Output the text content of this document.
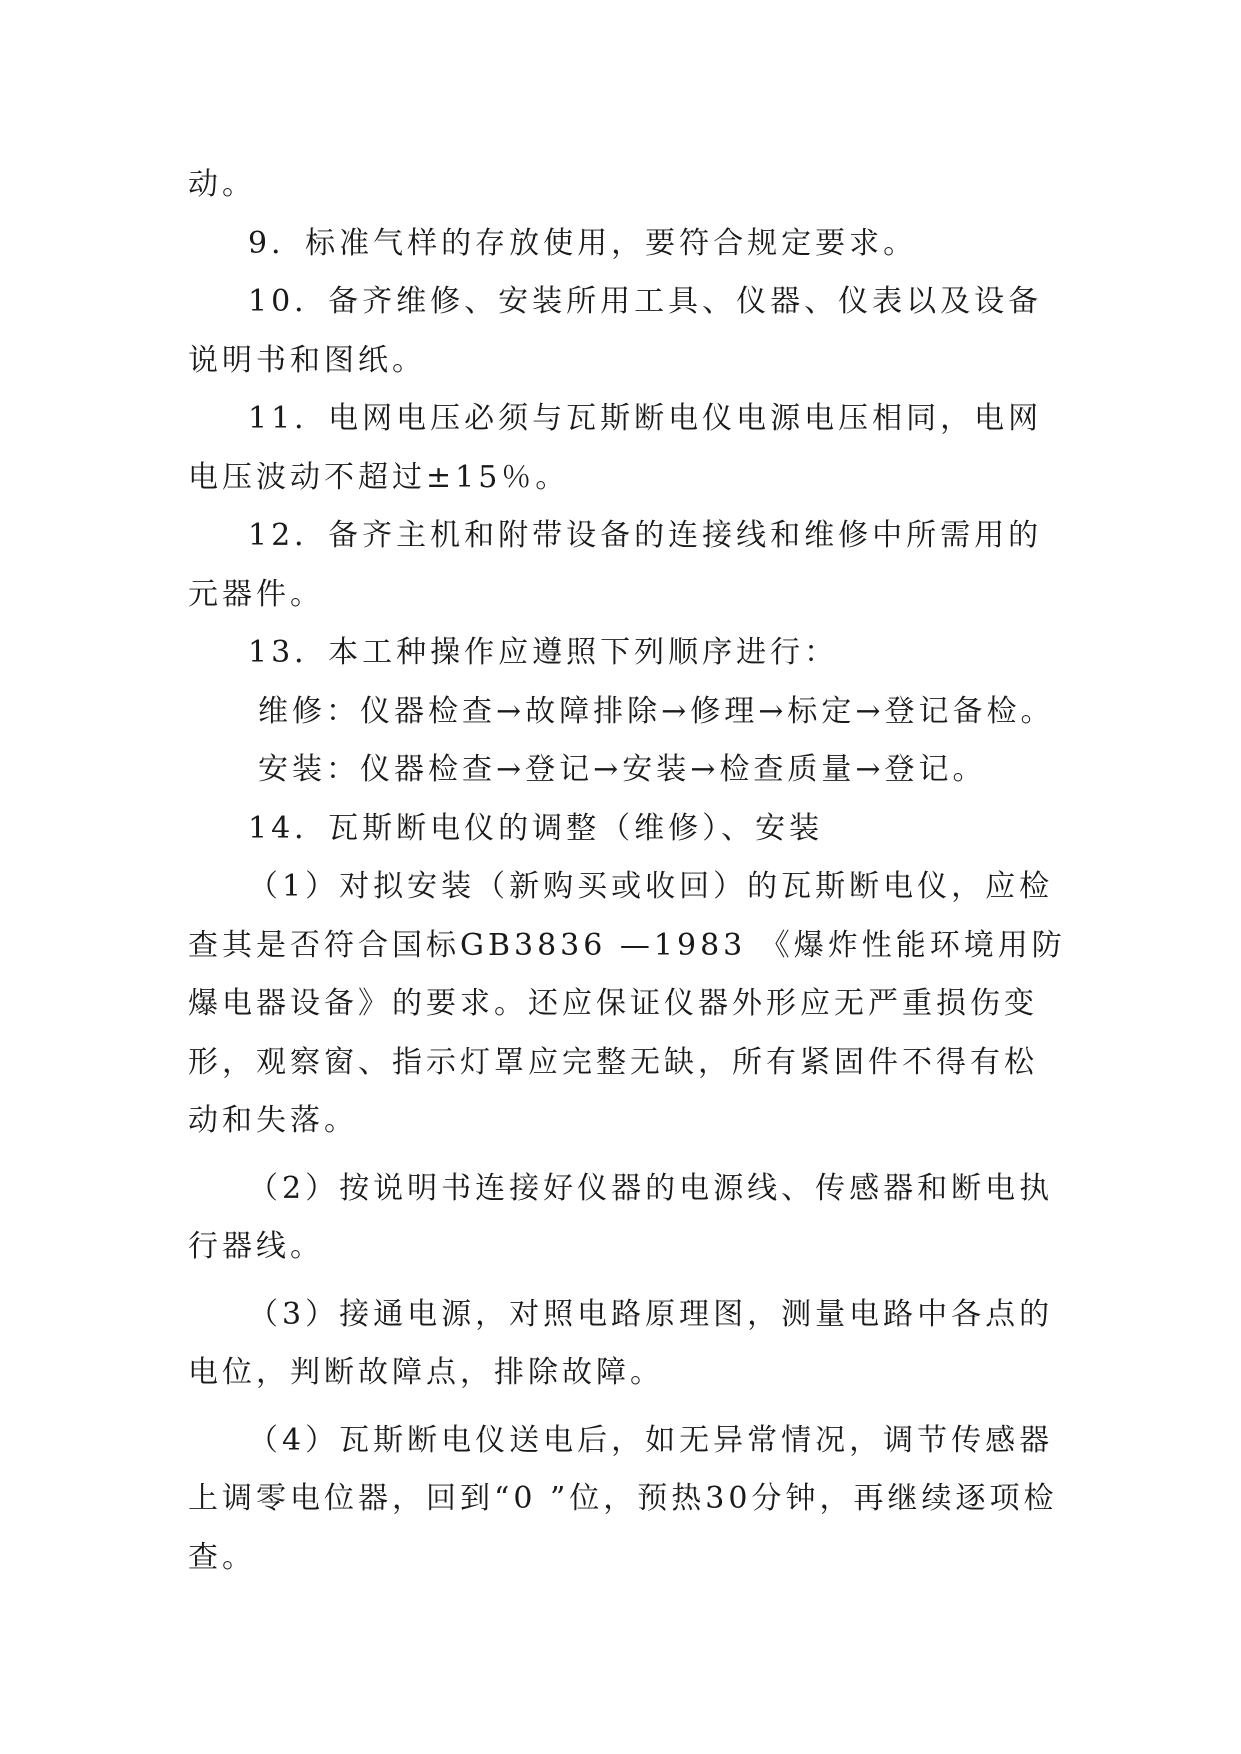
动。

9．标准气样的存放使用，要符合规定要求。

10．备齐维修、安装所用工具、仪器、仪表以及设备说明书和图纸。

11．电网电压必须与瓦斯断电仪电源电压相同，电网电压波动不超过±15％。

12．备齐主机和附带设备的连接线和维修中所需用的元器件。

13．本工种操作应遵照下列顺序进行：

维修：仪器检查→故障排除→修理→标定→登记备检。

安装：仪器检查→登记→安装→检查质量→登记。

14．瓦斯断电仪的调整（维修）、安装

（1）对拟安装（新购买或收回）的瓦斯断电仪，应检查其是否符合国标GB3836 —1983 《爆炸性能环境用防爆电器设备》的要求。还应保证仪器外形应无严重损伤变形，观察窗、指示灯罩应完整无缺，所有紧固件不得有松动和失落。

（2）按说明书连接好仪器的电源线、传感器和断电执行器线。

（3）接通电源，对照电路原理图，测量电路中各点的电位，判断故障点，排除故障。

（4）瓦斯断电仪送电后，如无异常情况，调节传感器上调零电位器，回到“0 ”位，预热30分钟，再继续逐项检查。
